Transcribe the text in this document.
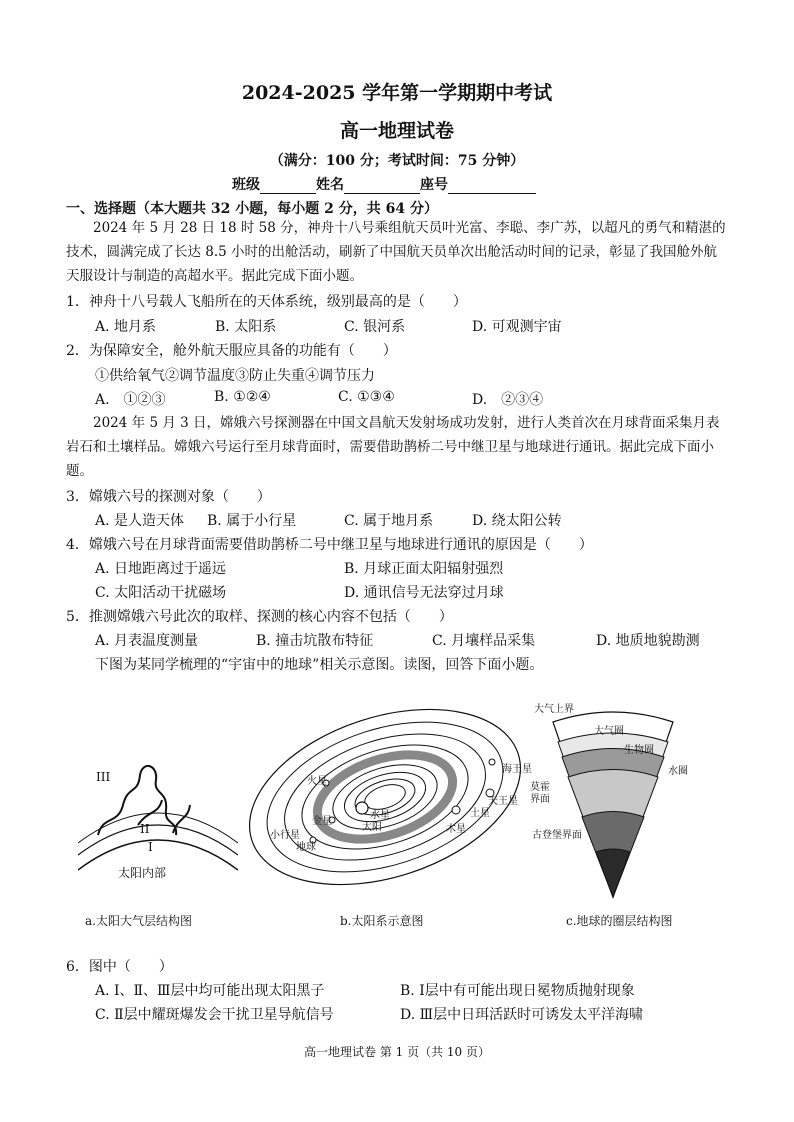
2024-2025 学年第一学期期中考试
高一地理试卷
（满分：100 分；考试时间：75 分钟）
班级	姓名	座号
一、选择题（本大题共 32 小题，每小题 2 分，共 64 分）

2024 年 5 月 28 日 18 时 58 分，神舟十八号乘组航天员叶光富、李聪、李广苏，以超凡的勇气和精湛的技术，圆满完成了长达 8.5 小时的出舱活动，刷新了中国航天员单次出舱活动时间的记录，彰显了我国舱外航天服设计与制造的高超水平。据此完成下面小题。

1．神舟十八号载人飞船所在的天体系统，级别最高的是（　　）
A. 地月系	B. 太阳系	C. 银河系	D. 可观测宇宙
2．为保障安全，舱外航天服应具备的功能有（　　）
①供给氧气②调节温度③防止失重④调节压力
A.　①②③	B. ①②④	C. ①③④	D.　②③④

2024 年 5 月 3 日，嫦娥六号探测器在中国文昌航天发射场成功发射，进行人类首次在月球背面采集月表岩石和土壤样品。嫦娥六号运行至月球背面时，需要借助鹊桥二号中继卫星与地球进行通讯。据此完成下面小题。

3．嫦娥六号的探测对象（　　）
A. 是人造天体 B. 属于小行星	C. 属于地月系	D. 绕太阳公转
4．嫦娥六号在月球背面需要借助鹊桥二号中继卫星与地球进行通讯的原因是（　　）
A. 日地距离过于遥远	B. 月球正面太阳辐射强烈
C. 太阳活动干扰磁场	D. 通讯信号无法穿过月球
5．推测嫦娥六号此次的取样、探测的核心内容不包括（　　）
A. 月表温度测量	B. 撞击坑散布特征	C. 月壤样品采集	D. 地质地貌勘测
下图为某同学梳理的“宇宙中的地球”相关示意图。读图，回答下面小题。
III
II
I
太阳内部
a.太阳大气层结构图
太阳
水星
金星
地球
火星
小行星
木星
土星
天王星
海王星
b.太阳系示意图
大气上界
大气圈
生物圈
水圈
莫霍界面
古登堡界面
c.地球的圈层结构图
6．图中（　　）
A. Ⅰ、Ⅱ、Ⅲ层中均可能出现太阳黑子	B. Ⅰ层中有可能出现日冕物质抛射现象
C. Ⅱ层中耀斑爆发会干扰卫星导航信号	D. Ⅲ层中日珥活跃时可诱发太平洋海啸
高一地理试卷 第 1 页（共 10 页）
